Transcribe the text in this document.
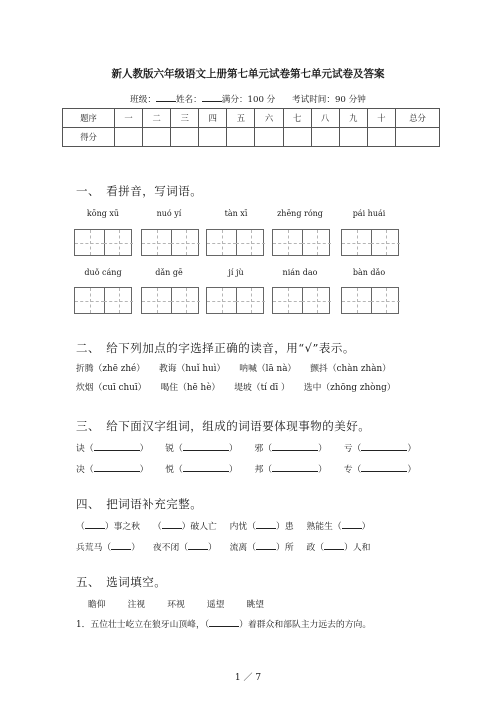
新人教版六年级语文上册第七单元试卷第七单元试卷及答案
班级： 姓名： 满分：100 分 考试时间：90 分钟
题序	一	二	三	四	五	六	七	八	九	十	总分
得分											
一、　看拼音，写词语。
kōng xū	nuó yí	tàn xī	zhēng róng	pái huái
duǒ cáng	dǎn gē	jí jù	nián dao	bàn dǎo
二、　给下列加点的字选择正确的读音，用“√”表示。
折腾（zhē zhé） 教诲（huǐ huì） 呐喊（lā nà） 颤抖（chàn zhàn）
炊烟（cuī chuī） 喝住（hē hè） 堤坡（tí dī ） 选中（zhōng zhòng）
三、　给下面汉字组词，组成的词语要体现事物的美好。
诀（	） 锐（	） 邪（	） 亏（	）
决（	） 悦（	） 邦（	） 专（	）
四、　把词语补充完整。
（ ）事之秋 （ ）破人亡 内忧（ ）患 熟能生（ ）
兵荒马（ ） 夜不闭（ ） 流离（ ）所 政（ ）人和
五、　选词填空。
瞻仰	注视	环视	遥望	眺望
1．五位壮士屹立在狼牙山顶峰，（	）着群众和部队主力远去的方向。
1 ／ 7
